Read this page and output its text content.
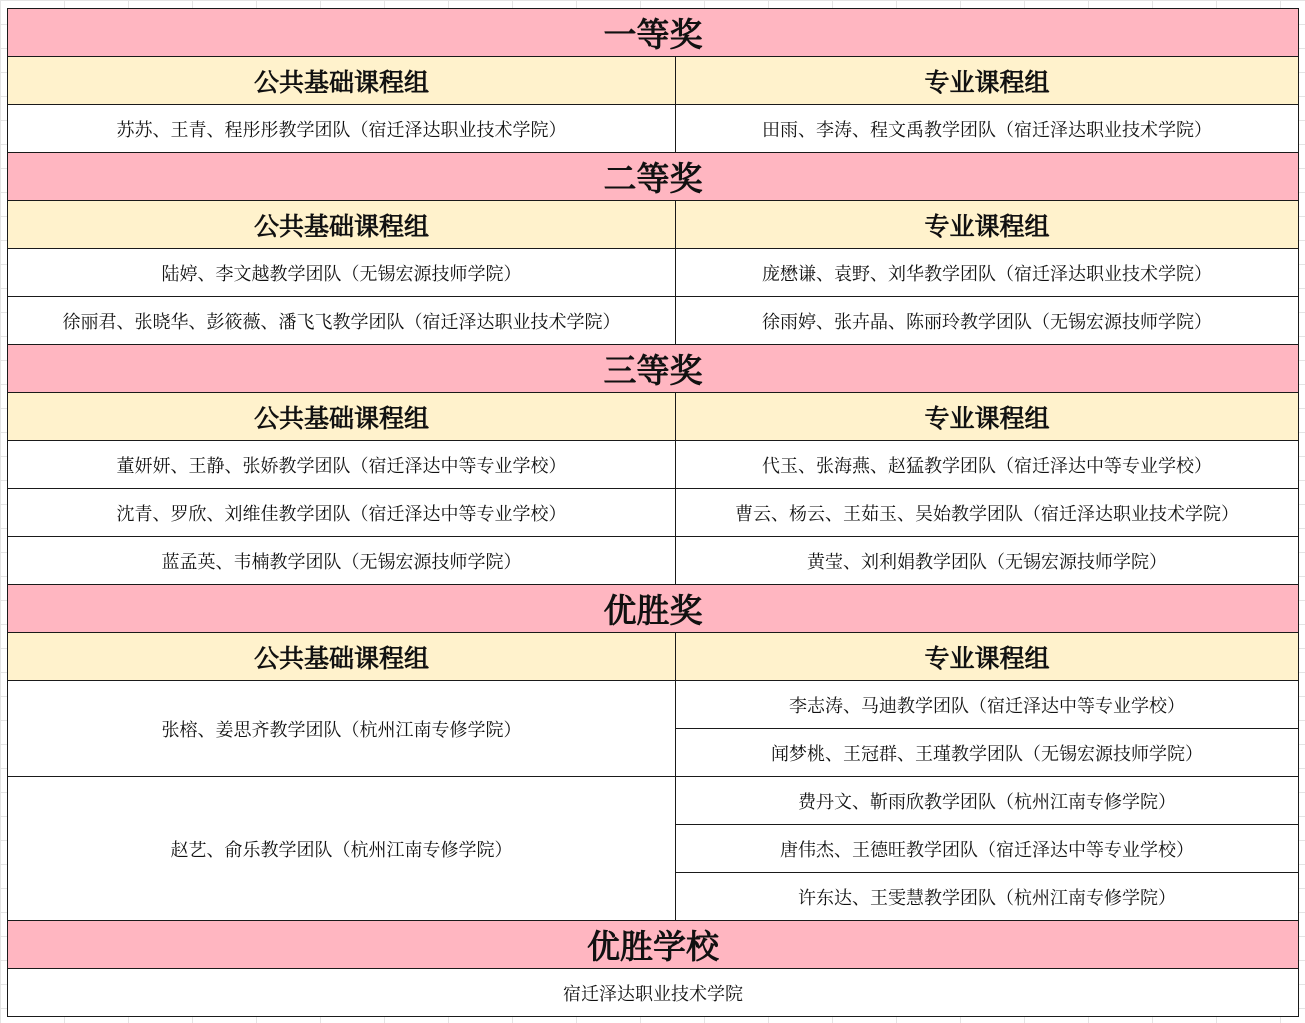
一等奖	
公共基础课程组	专业课程组
苏苏、王青、程彤彤教学团队（宿迁泽达职业技术学院）	田雨、李涛、程文禹教学团队（宿迁泽达职业技术学院）
二等奖	
公共基础课程组	专业课程组
陆婷、李文越教学团队（无锡宏源技师学院）	庞懋谦、袁野、刘华教学团队（宿迁泽达职业技术学院）
徐丽君、张晓华、彭筱薇、潘飞飞教学团队（宿迁泽达职业技术学院）	徐雨婷、张卉晶、陈丽玲教学团队（无锡宏源技师学院）
三等奖	
公共基础课程组	专业课程组
董妍妍、王静、张娇教学团队（宿迁泽达中等专业学校）	代玉、张海燕、赵猛教学团队（宿迁泽达中等专业学校）
沈青、罗欣、刘维佳教学团队（宿迁泽达中等专业学校）	曹云、杨云、王茹玉、吴始教学团队（宿迁泽达职业技术学院）
蓝孟英、韦楠教学团队（无锡宏源技师学院）	黄莹、刘利娟教学团队（无锡宏源技师学院）
优胜奖	
公共基础课程组	专业课程组
张榕、姜思齐教学团队（杭州江南专修学院）	李志涛、马迪教学团队（宿迁泽达中等专业学校）
	闻梦桃、王冠群、王瑾教学团队（无锡宏源技师学院）
赵艺、俞乐教学团队（杭州江南专修学院）	费丹文、靳雨欣教学团队（杭州江南专修学院）
	唐伟杰、王德旺教学团队（宿迁泽达中等专业学校）
	许东达、王雯慧教学团队（杭州江南专修学院）
优胜学校	
宿迁泽达职业技术学院	
